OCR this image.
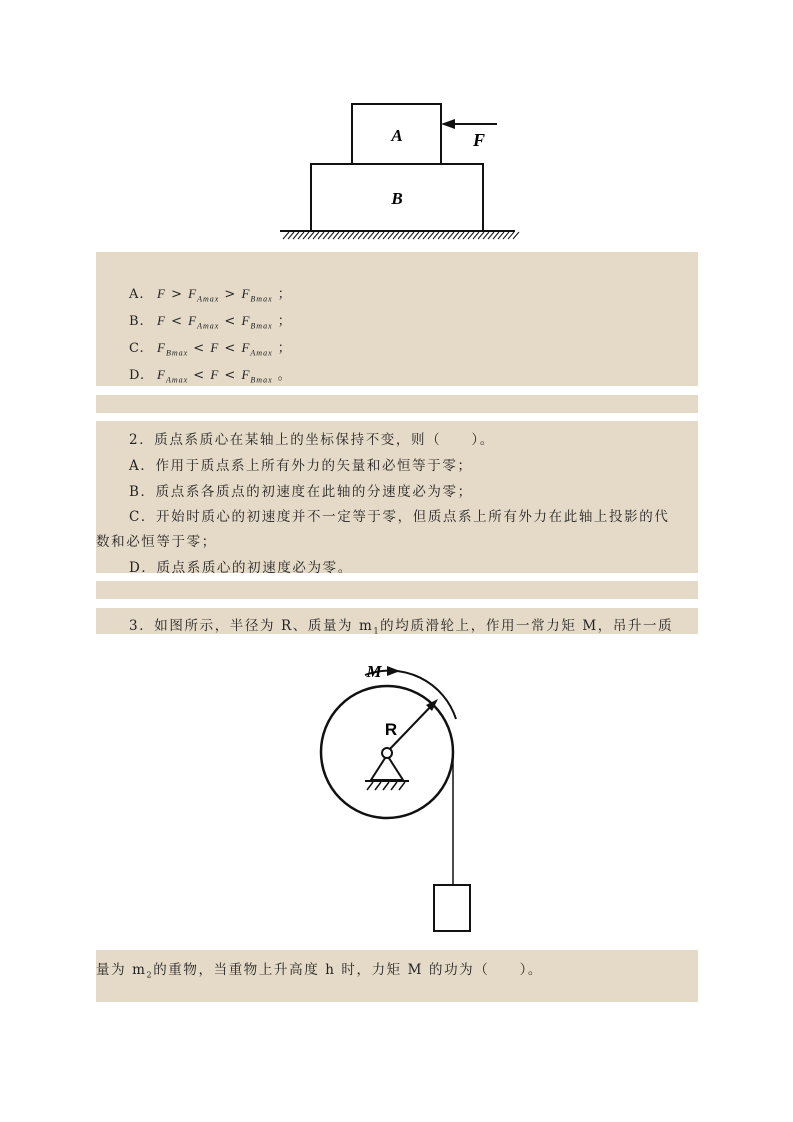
A
B
F
A. $F > F_{Amax} > F_{Bmax}$ ；
B. $F < F_{Amax} < F_{Bmax}$ ；
C. $F_{Bmax} < F < F_{Amax}$ ；
D. $F_{Amax} < F < F_{Bmax}$ 。
2．质点系质心在某轴上的坐标保持不变，则（　　）。
A．作用于质点系上所有外力的矢量和必恒等于零；
B．质点系各质点的初速度在此轴的分速度必为零；
C．开始时质心的初速度并不一定等于零，但质点系上所有外力在此轴上投影的代
数和必恒等于零；
D．质点系质心的初速度必为零。
3．如图所示，半径为 R、质量为 $m_1$的均质滑轮上，作用一常力矩 M，吊升一质
M
R
量为 $m_2$的重物，当重物上升高度 h 时，力矩 M 的功为（　　）。
